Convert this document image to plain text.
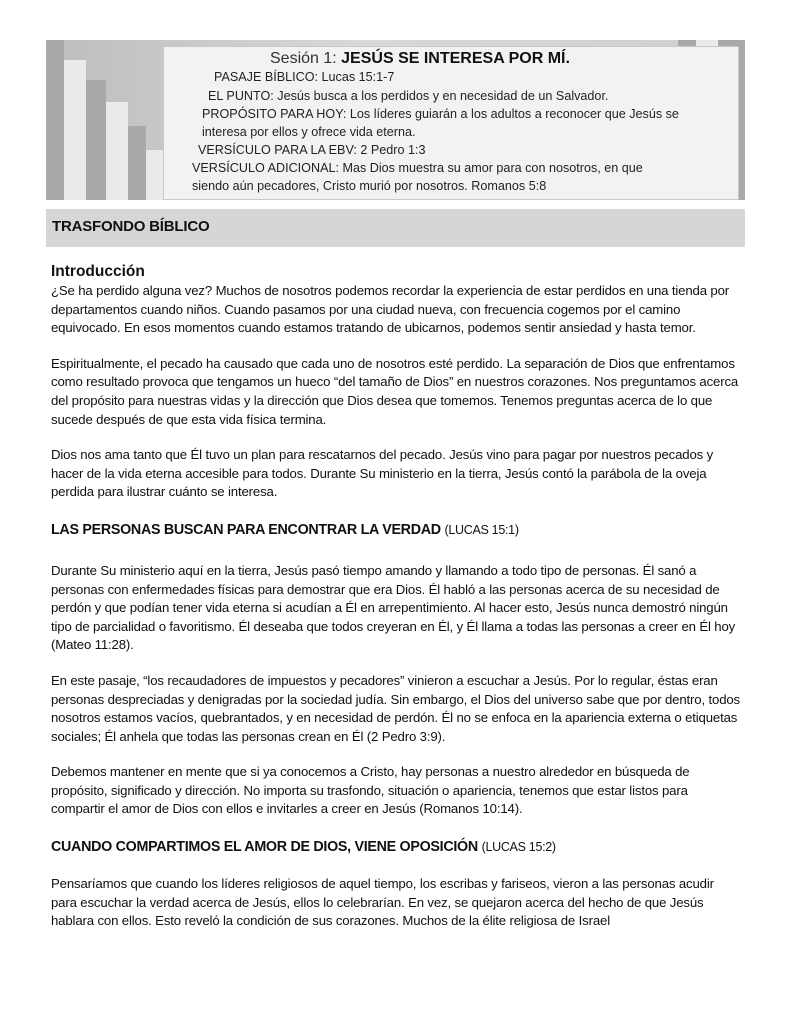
Sesión 1: JESÚS SE INTERESA POR MÍ.
PASAJE BÍBLICO: Lucas 15:1-7
EL PUNTO: Jesús busca a los perdidos y en necesidad de un Salvador.
PROPÓSITO PARA HOY: Los líderes guiarán a los adultos a reconocer que Jesús se
interesa por ellos y ofrece vida eterna.
VERSÍCULO PARA LA EBV: 2 Pedro 1:3
VERSÍCULO ADICIONAL: Mas Dios muestra su amor para con nosotros, en que
siendo aún pecadores, Cristo murió por nosotros. Romanos 5:8
TRASFONDO BÍBLICO
Introducción

¿Se ha perdido alguna vez? Muchos de nosotros podemos recordar la experiencia de estar perdidos en una tienda por departamentos cuando niños. Cuando pasamos por una ciudad nueva, con frecuencia cogemos por el camino equivocado. En esos momentos cuando estamos tratando de ubicarnos, podemos sentir ansiedad y hasta temor.

Espiritualmente, el pecado ha causado que cada uno de nosotros esté perdido. La separación de Dios que enfrentamos como resultado provoca que tengamos un hueco “del tamaño de Dios” en nuestros corazones. Nos preguntamos acerca del propósito para nuestras vidas y la dirección que Dios desea que tomemos. Tenemos preguntas acerca de lo que sucede después de que esta vida física termina.

Dios nos ama tanto que Él tuvo un plan para rescatarnos del pecado. Jesús vino para pagar por nuestros pecados y hacer de la vida eterna accesible para todos. Durante Su ministerio en la tierra, Jesús contó la parábola de la oveja perdida para ilustrar cuánto se interesa.

LAS PERSONAS BUSCAN PARA ENCONTRAR LA VERDAD (LUCAS 15:1)

Durante Su ministerio aquí en la tierra, Jesús pasó tiempo amando y llamando a todo tipo de personas. Él sanó a personas con enfermedades físicas para demostrar que era Dios. Él habló a las personas acerca de su necesidad de perdón y que podían tener vida eterna si acudían a Él en arrepentimiento. Al hacer esto, Jesús nunca demostró ningún tipo de parcialidad o favoritismo. Él deseaba que todos creyeran en Él, y Él llama a todas las personas a creer en Él hoy (Mateo 11:28).

En este pasaje, “los recaudadores de impuestos y pecadores” vinieron a escuchar a Jesús. Por lo regular, éstas eran personas despreciadas y denigradas por la sociedad judía. Sin embargo, el Dios del universo sabe que por dentro, todos nosotros estamos vacíos, quebrantados, y en necesidad de perdón. Él no se enfoca en la apariencia externa o etiquetas sociales; Él anhela que todas las personas crean en Él (2 Pedro 3:9).

Debemos mantener en mente que si ya conocemos a Cristo, hay personas a nuestro alrededor en búsqueda de propósito, significado y dirección. No importa su trasfondo, situación o apariencia, tenemos que estar listos para compartir el amor de Dios con ellos e invitarles a creer en Jesús (Romanos 10:14).

CUANDO COMPARTIMOS EL AMOR DE DIOS, VIENE OPOSICIÓN (LUCAS 15:2)

Pensaríamos que cuando los líderes religiosos de aquel tiempo, los escribas y fariseos, vieron a las personas acudir para escuchar la verdad acerca de Jesús, ellos lo celebrarían. En vez, se quejaron acerca del hecho de que Jesús hablara con ellos. Esto reveló la condición de sus corazones. Muchos de la élite religiosa de Israel
